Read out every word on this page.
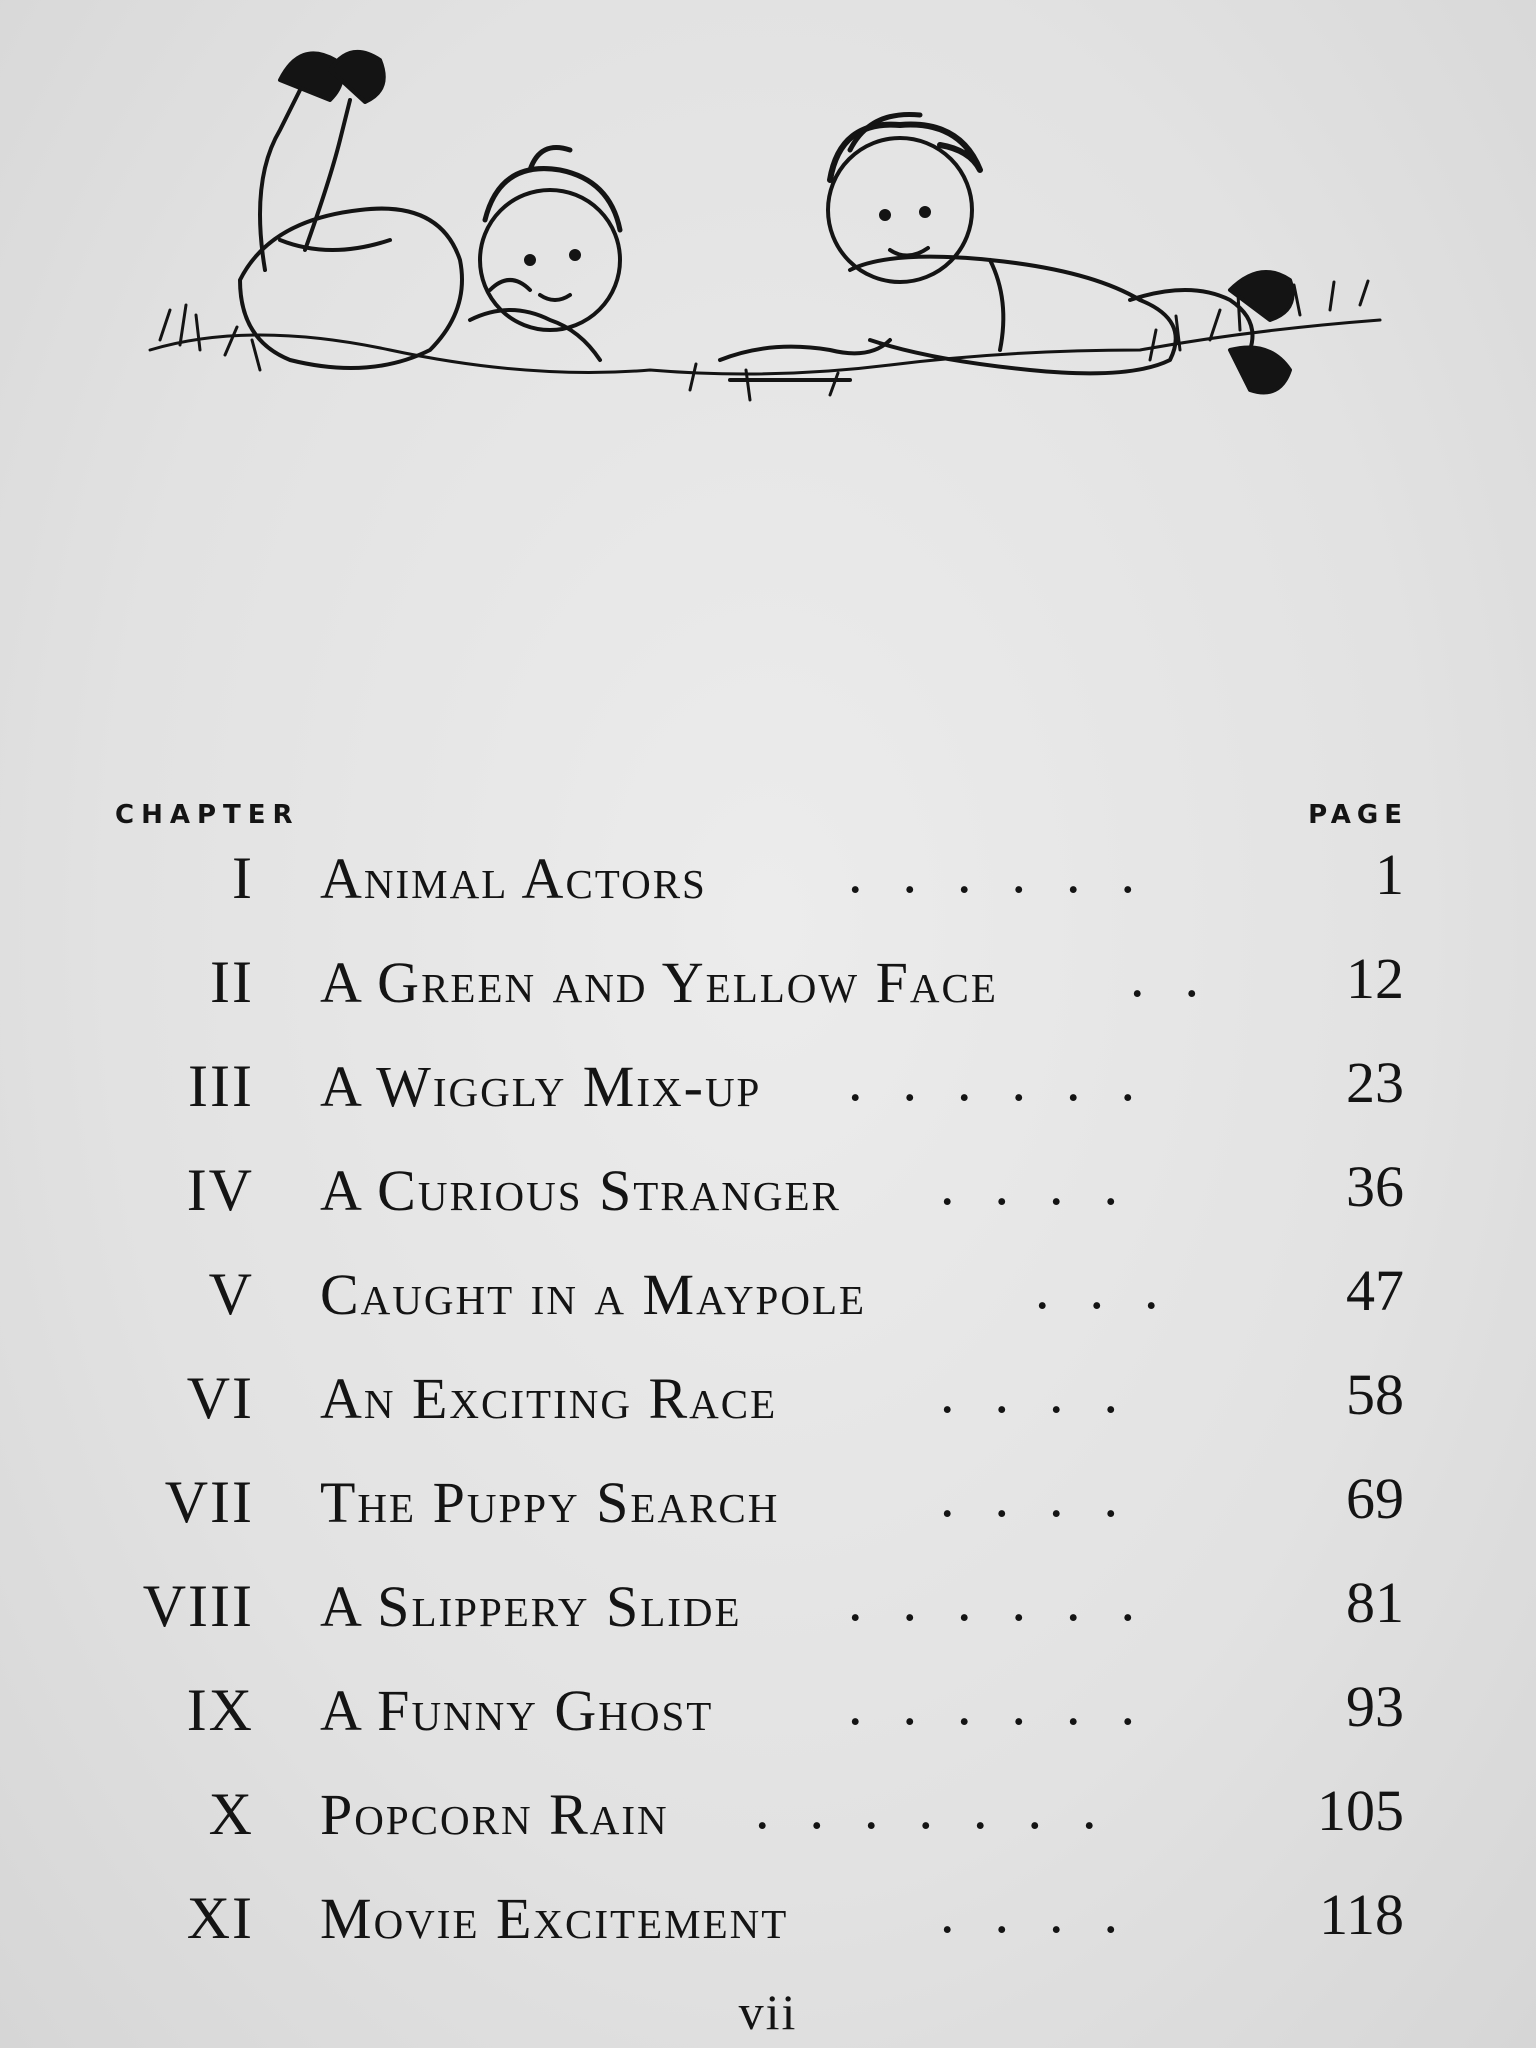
CHAPTER	PAGE
I Animal Actors ......	1
II A Green and Yellow Face .. 12
III A Wiggly Mix-up ......	23
IV A Curious Stranger ....	36
V Caught in a Maypole	...	47
VI An Exciting Race	....	58
VII The Puppy Search	....	69
VIII A Slippery Slide ......	81
IX A Funny Ghost ......	93
X Popcorn Rain .......	105
XI Movie Excitement	....	118
vii
